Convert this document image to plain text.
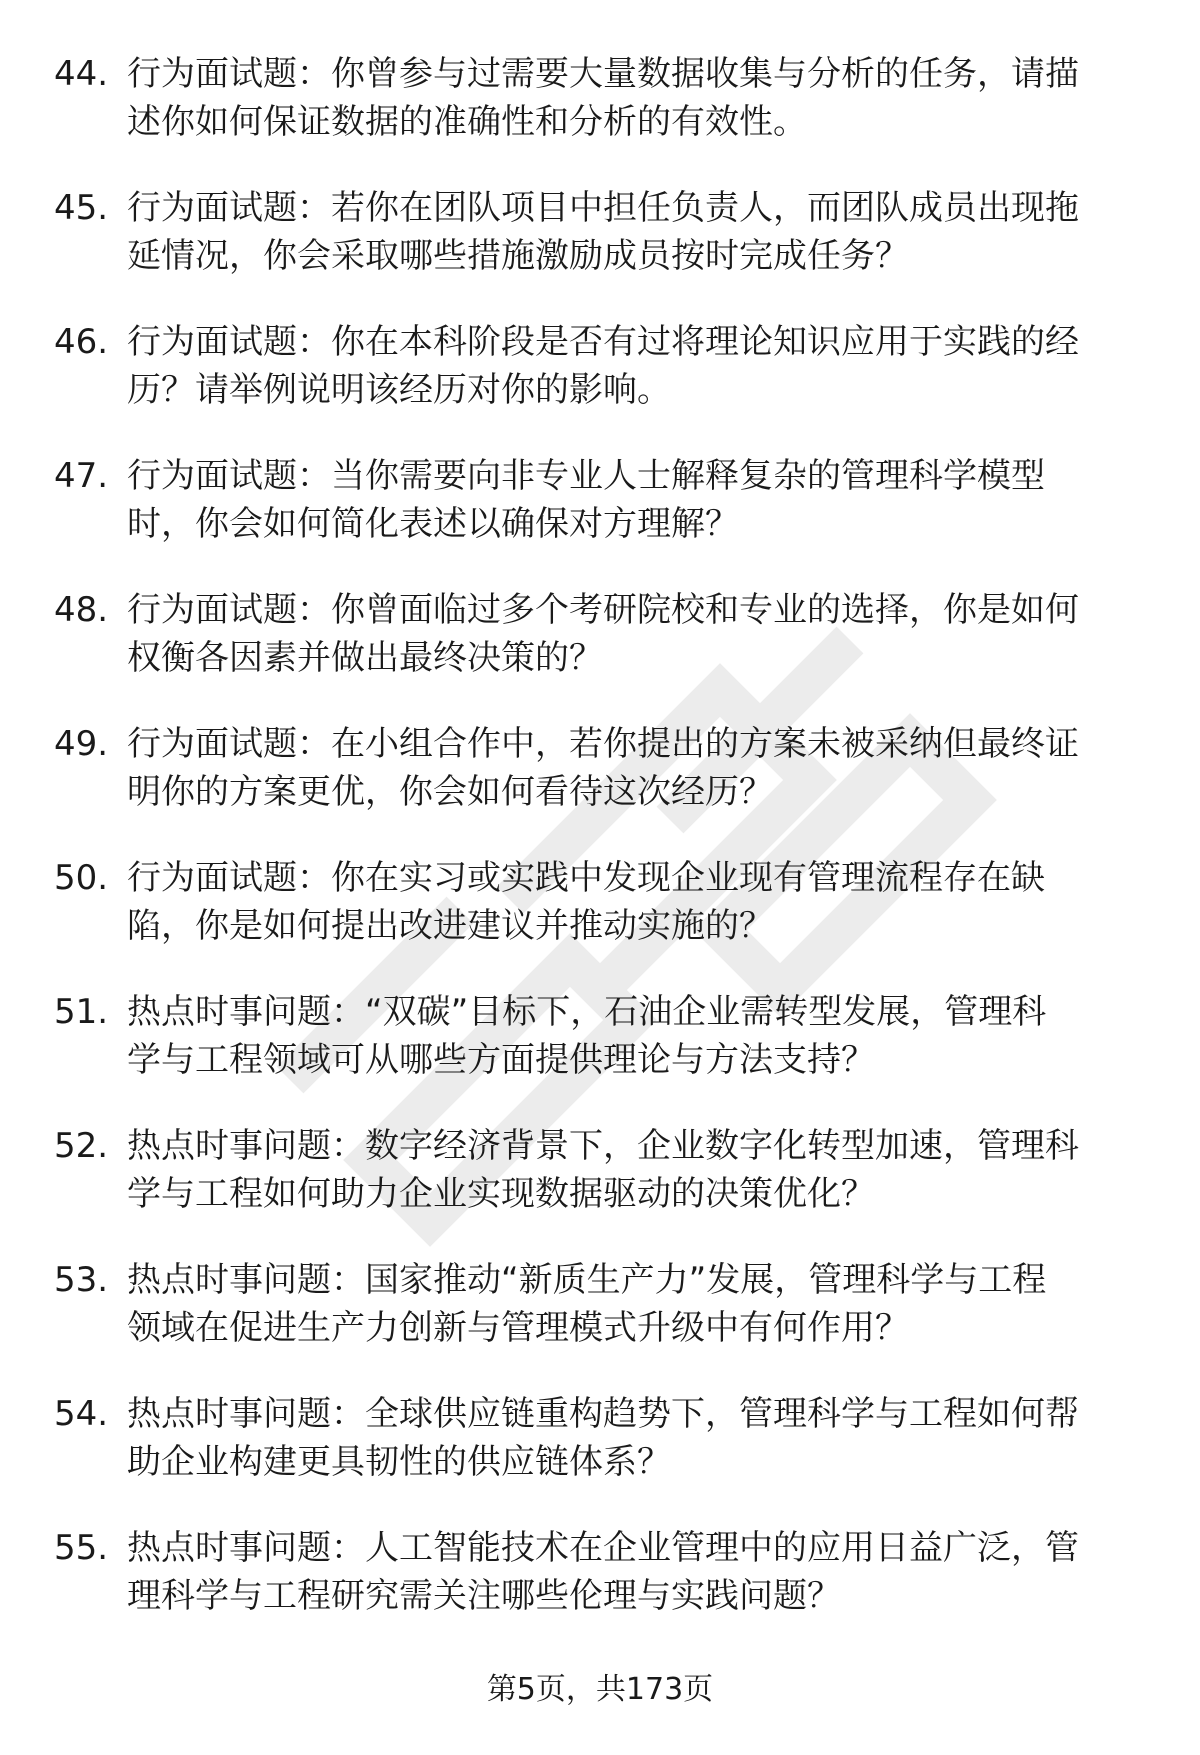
44. 行为面试题：你曾参与过需要大量数据收集与分析的任务，请描
述你如何保证数据的准确性和分析的有效性。

45. 行为面试题：若你在团队项目中担任负责人，而团队成员出现拖
延情况，你会采取哪些措施激励成员按时完成任务？

46. 行为面试题：你在本科阶段是否有过将理论知识应用于实践的经
历？请举例说明该经历对你的影响。

47. 行为面试题：当你需要向非专业人士解释复杂的管理科学模型
时，你会如何简化表述以确保对方理解？

48. 行为面试题：你曾面临过多个考研院校和专业的选择，你是如何
权衡各因素并做出最终决策的？

49. 行为面试题：在小组合作中，若你提出的方案未被采纳但最终证
明你的方案更优，你会如何看待这次经历？

50. 行为面试题：你在实习或实践中发现企业现有管理流程存在缺
陷，你是如何提出改进建议并推动实施的？

51. 热点时事问题：“双碳”目标下，石油企业需转型发展，管理科
学与工程领域可从哪些方面提供理论与方法支持？

52. 热点时事问题：数字经济背景下，企业数字化转型加速，管理科
学与工程如何助力企业实现数据驱动的决策优化？

53. 热点时事问题：国家推动“新质生产力”发展，管理科学与工程
领域在促进生产力创新与管理模式升级中有何作用？

54. 热点时事问题：全球供应链重构趋势下，管理科学与工程如何帮
助企业构建更具韧性的供应链体系？

55. 热点时事问题：人工智能技术在企业管理中的应用日益广泛，管
理科学与工程研究需关注哪些伦理与实践问题？

第5页，共173页
